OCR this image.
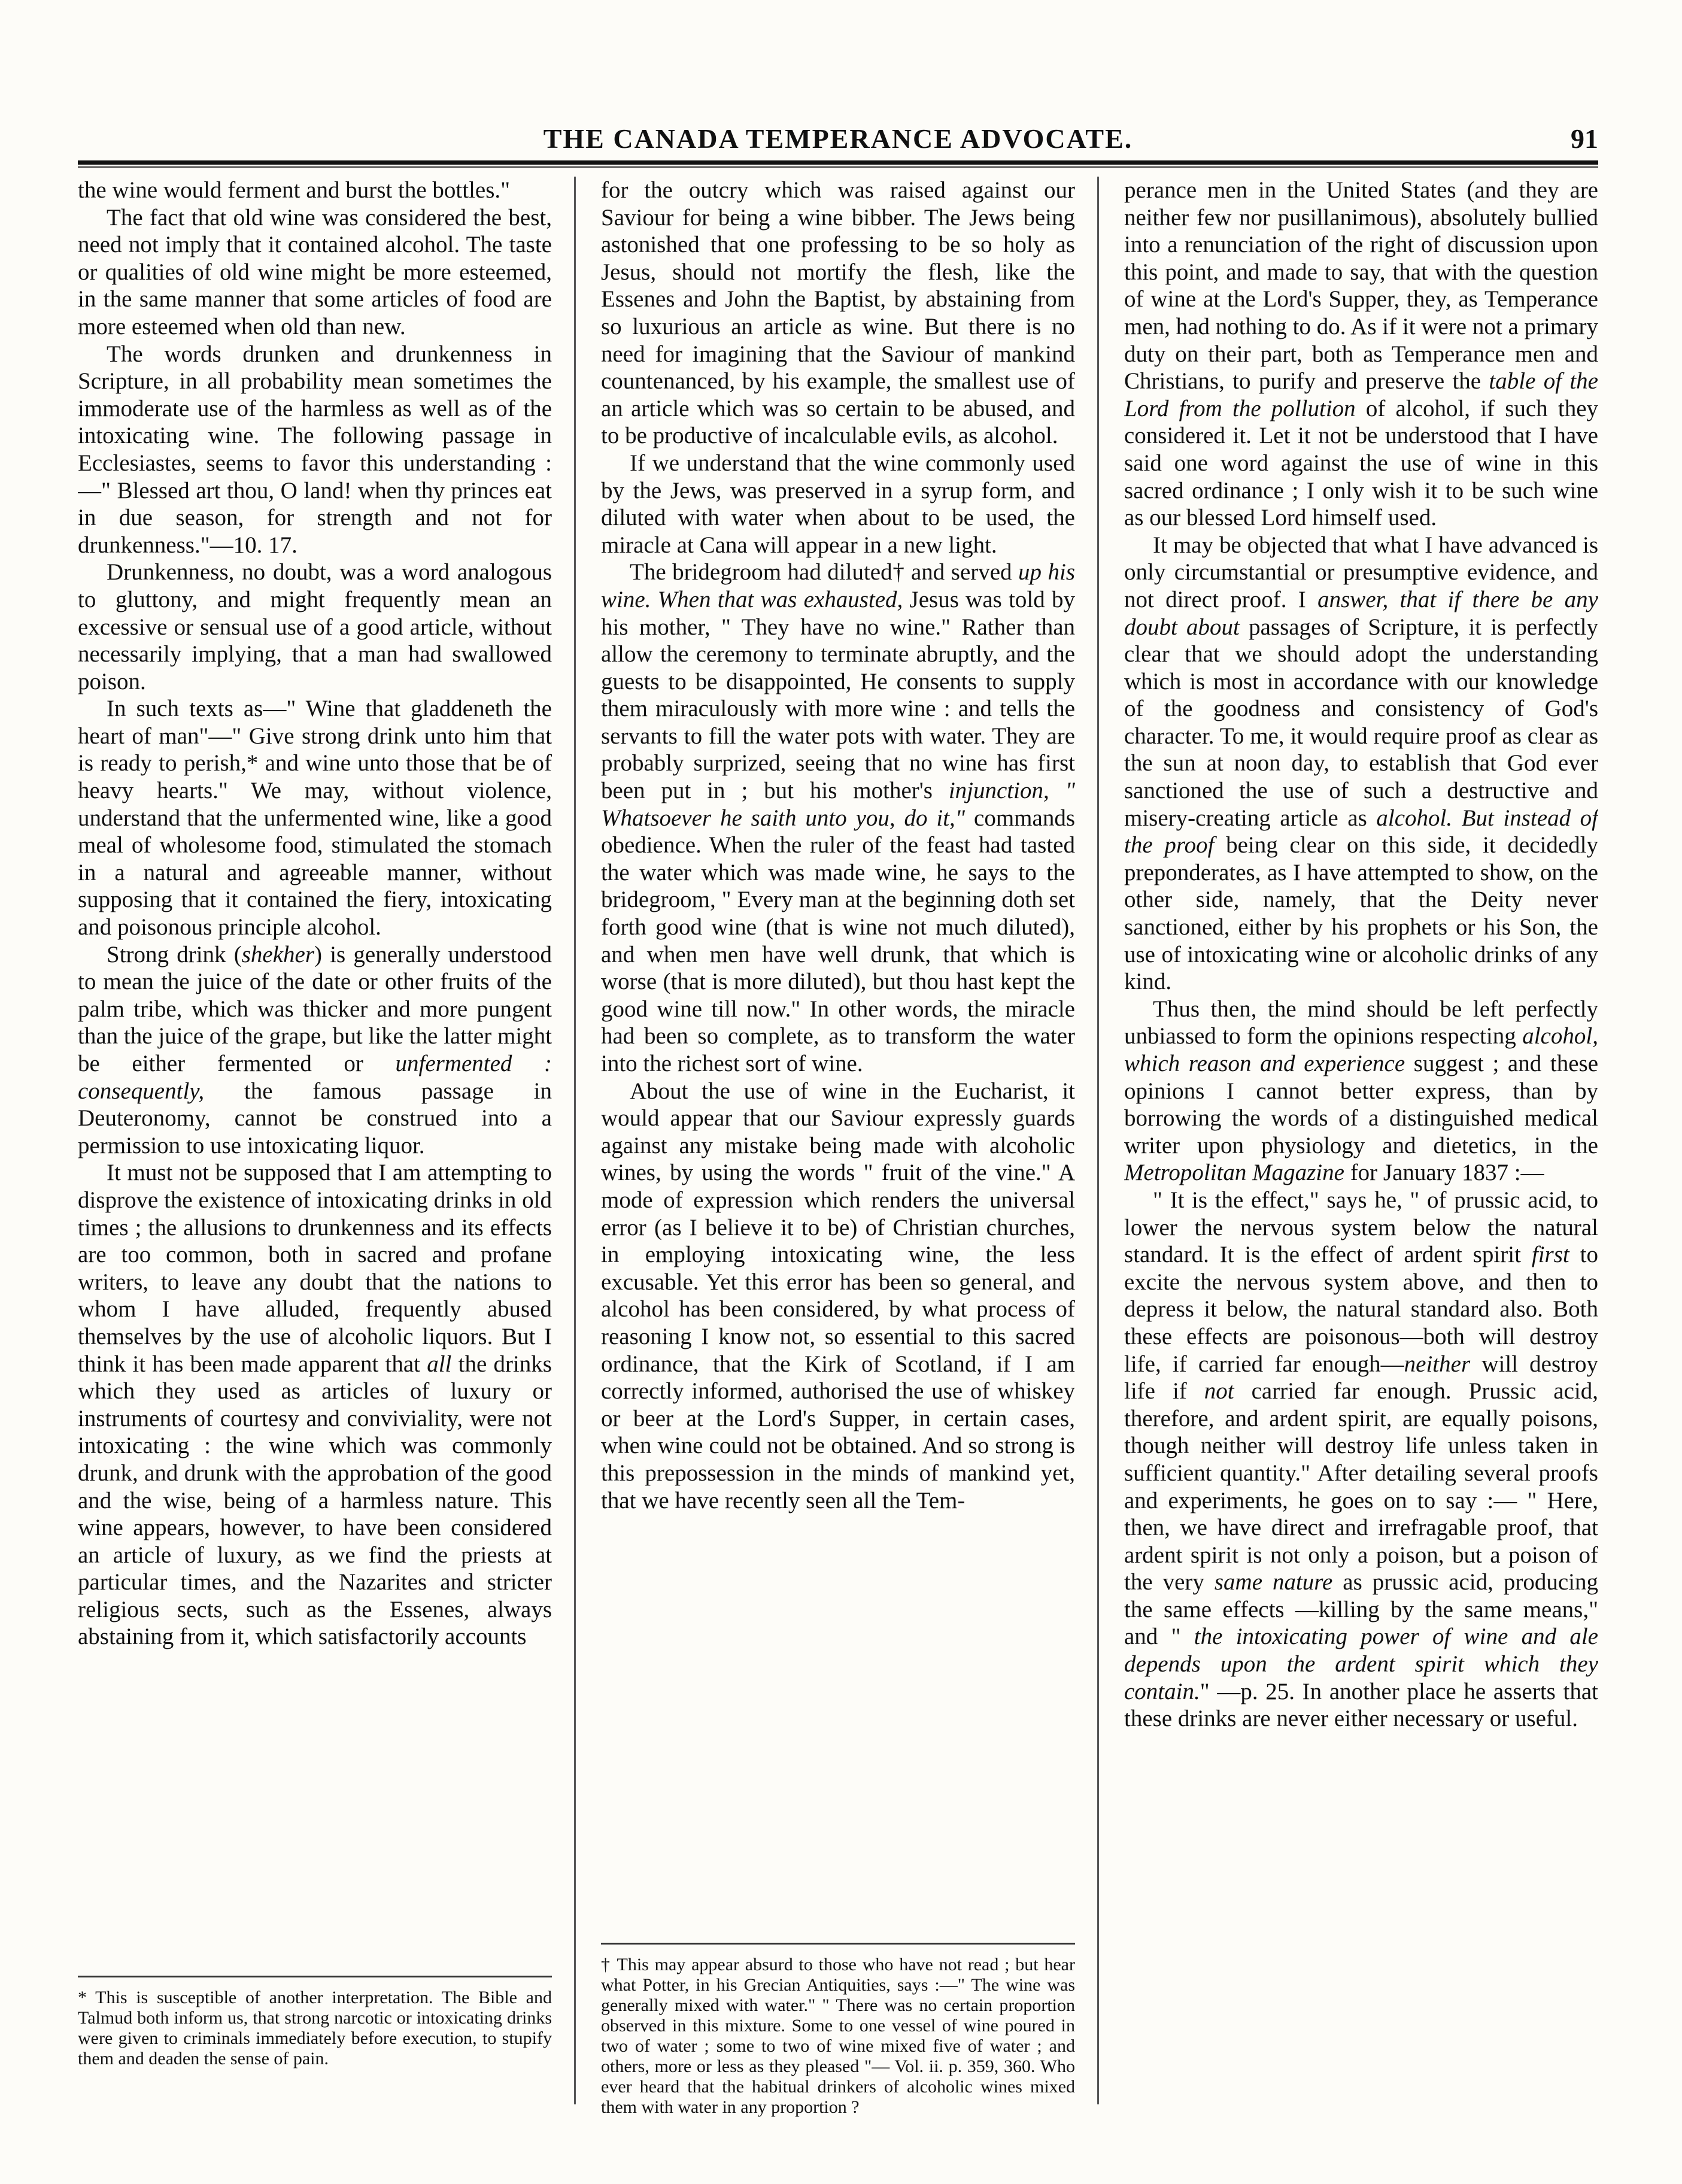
THE CANADA TEMPERANCE ADVOCATE.	91

the wine would ferment and burst the bottles."

The fact that old wine was considered the best, need not imply that it contained alcohol. The taste or qualities of old wine might be more esteemed, in the same manner that some articles of food are more esteemed when old than new.

The words drunken and drunkenness in Scripture, in all probability mean sometimes the immoderate use of the harmless as well as of the intoxicating wine. The following passage in Ecclesiastes, seems to favor this understanding :—" Blessed art thou, O land! when thy princes eat in due season, for strength and not for drunkenness."—10. 17.

Drunkenness, no doubt, was a word analogous to gluttony, and might frequently mean an excessive or sensual use of a good article, without necessarily implying, that a man had swallowed poison.

In such texts as—" Wine that gladdeneth the heart of man"—" Give strong drink unto him that is ready to perish,* and wine unto those that be of heavy hearts." We may, without violence, understand that the unfermented wine, like a good meal of wholesome food, stimulated the stomach in a natural and agreeable manner, without supposing that it contained the fiery, intoxicating and poisonous principle alcohol.

Strong drink (shekher) is generally understood to mean the juice of the date or other fruits of the palm tribe, which was thicker and more pungent than the juice of the grape, but like the latter might be either fermented or unfermented : consequently, the famous passage in Deuteronomy, cannot be construed into a permission to use intoxicating liquor.

It must not be supposed that I am attempting to disprove the existence of intoxicating drinks in old times ; the allusions to drunkenness and its effects are too common, both in sacred and profane writers, to leave any doubt that the nations to whom I have alluded, frequently abused themselves by the use of alcoholic liquors. But I think it has been made apparent that all the drinks which they used as articles of luxury or instruments of courtesy and conviviality, were not intoxicating : the wine which was commonly drunk, and drunk with the approbation of the good and the wise, being of a harmless nature. This wine appears, however, to have been considered an article of luxury, as we find the priests at particular times, and the Nazarites and stricter religious sects, such as the Essenes, always abstaining from it, which satisfactorily accounts

for the outcry which was raised against our Saviour for being a wine bibber. The Jews being astonished that one professing to be so holy as Jesus, should not mortify the flesh, like the Essenes and John the Baptist, by abstaining from so luxurious an article as wine. But there is no need for imagining that the Saviour of mankind countenanced, by his example, the smallest use of an article which was so certain to be abused, and to be productive of incalculable evils, as alcohol.

If we understand that the wine commonly used by the Jews, was preserved in a syrup form, and diluted with water when about to be used, the miracle at Cana will appear in a new light.

The bridegroom had diluted† and served up his wine. When that was exhausted, Jesus was told by his mother, " They have no wine." Rather than allow the ceremony to terminate abruptly, and the guests to be disappointed, He consents to supply them miraculously with more wine : and tells the servants to fill the water pots with water. They are probably surprized, seeing that no wine has first been put in ; but his mother's injunction, " Whatsoever he saith unto you, do it," commands obedience. When the ruler of the feast had tasted the water which was made wine, he says to the bridegroom, " Every man at the beginning doth set forth good wine (that is wine not much diluted), and when men have well drunk, that which is worse (that is more diluted), but thou hast kept the good wine till now." In other words, the miracle had been so complete, as to transform the water into the richest sort of wine.

About the use of wine in the Eucharist, it would appear that our Saviour expressly guards against any mistake being made with alcoholic wines, by using the words " fruit of the vine." A mode of expression which renders the universal error (as I believe it to be) of Christian churches, in employing intoxicating wine, the less excusable. Yet this error has been so general, and alcohol has been considered, by what process of reasoning I know not, so essential to this sacred ordinance, that the Kirk of Scotland, if I am correctly informed, authorised the use of whiskey or beer at the Lord's Supper, in certain cases, when wine could not be obtained. And so strong is this prepossession in the minds of mankind yet, that we have recently seen all the Tem-

perance men in the United States (and they are neither few nor pusillanimous), absolutely bullied into a renunciation of the right of discussion upon this point, and made to say, that with the question of wine at the Lord's Supper, they, as Temperance men, had nothing to do. As if it were not a primary duty on their part, both as Temperance men and Christians, to purify and preserve the table of the Lord from the pollution of alcohol, if such they considered it. Let it not be understood that I have said one word against the use of wine in this sacred ordinance ; I only wish it to be such wine as our blessed Lord himself used.

It may be objected that what I have advanced is only circumstantial or presumptive evidence, and not direct proof. I answer, that if there be any doubt about passages of Scripture, it is perfectly clear that we should adopt the understanding which is most in accordance with our knowledge of the goodness and consistency of God's character. To me, it would require proof as clear as the sun at noon day, to establish that God ever sanctioned the use of such a destructive and misery-creating article as alcohol. But instead of the proof being clear on this side, it decidedly preponderates, as I have attempted to show, on the other side, namely, that the Deity never sanctioned, either by his prophets or his Son, the use of intoxicating wine or alcoholic drinks of any kind.

Thus then, the mind should be left perfectly unbiassed to form the opinions respecting alcohol, which reason and experience suggest ; and these opinions I cannot better express, than by borrowing the words of a distinguished medical writer upon physiology and dietetics, in the Metropolitan Magazine for January 1837 :—

" It is the effect," says he, " of prussic acid, to lower the nervous system below the natural standard. It is the effect of ardent spirit first to excite the nervous system above, and then to depress it below, the natural standard also. Both these effects are poisonous—both will destroy life, if carried far enough—neither will destroy life if not carried far enough. Prussic acid, therefore, and ardent spirit, are equally poisons, though neither will destroy life unless taken in sufficient quantity." After detailing several proofs and experiments, he goes on to say :— " Here, then, we have direct and irrefragable proof, that ardent spirit is not only a poison, but a poison of the very same nature as prussic acid, producing the same effects —killing by the same means," and " the intoxicating power of wine and ale depends upon the ardent spirit which they contain." —p. 25. In another place he asserts that these drinks are never either necessary or useful.

* This is susceptible of another interpretation. The Bible and Talmud both inform us, that strong narcotic or intoxicating drinks were given to criminals immediately before execution, to stupify them and deaden the sense of pain.
† This may appear absurd to those who have not read ; but hear what Potter, in his Grecian Antiquities, says :—" The wine was generally mixed with water." " There was no certain proportion observed in this mixture. Some to one vessel of wine poured in two of water ; some to two of wine mixed five of water ; and others, more or less as they pleased "— Vol. ii. p. 359, 360. Who ever heard that the habitual drinkers of alcoholic wines mixed them with water in any proportion ?
